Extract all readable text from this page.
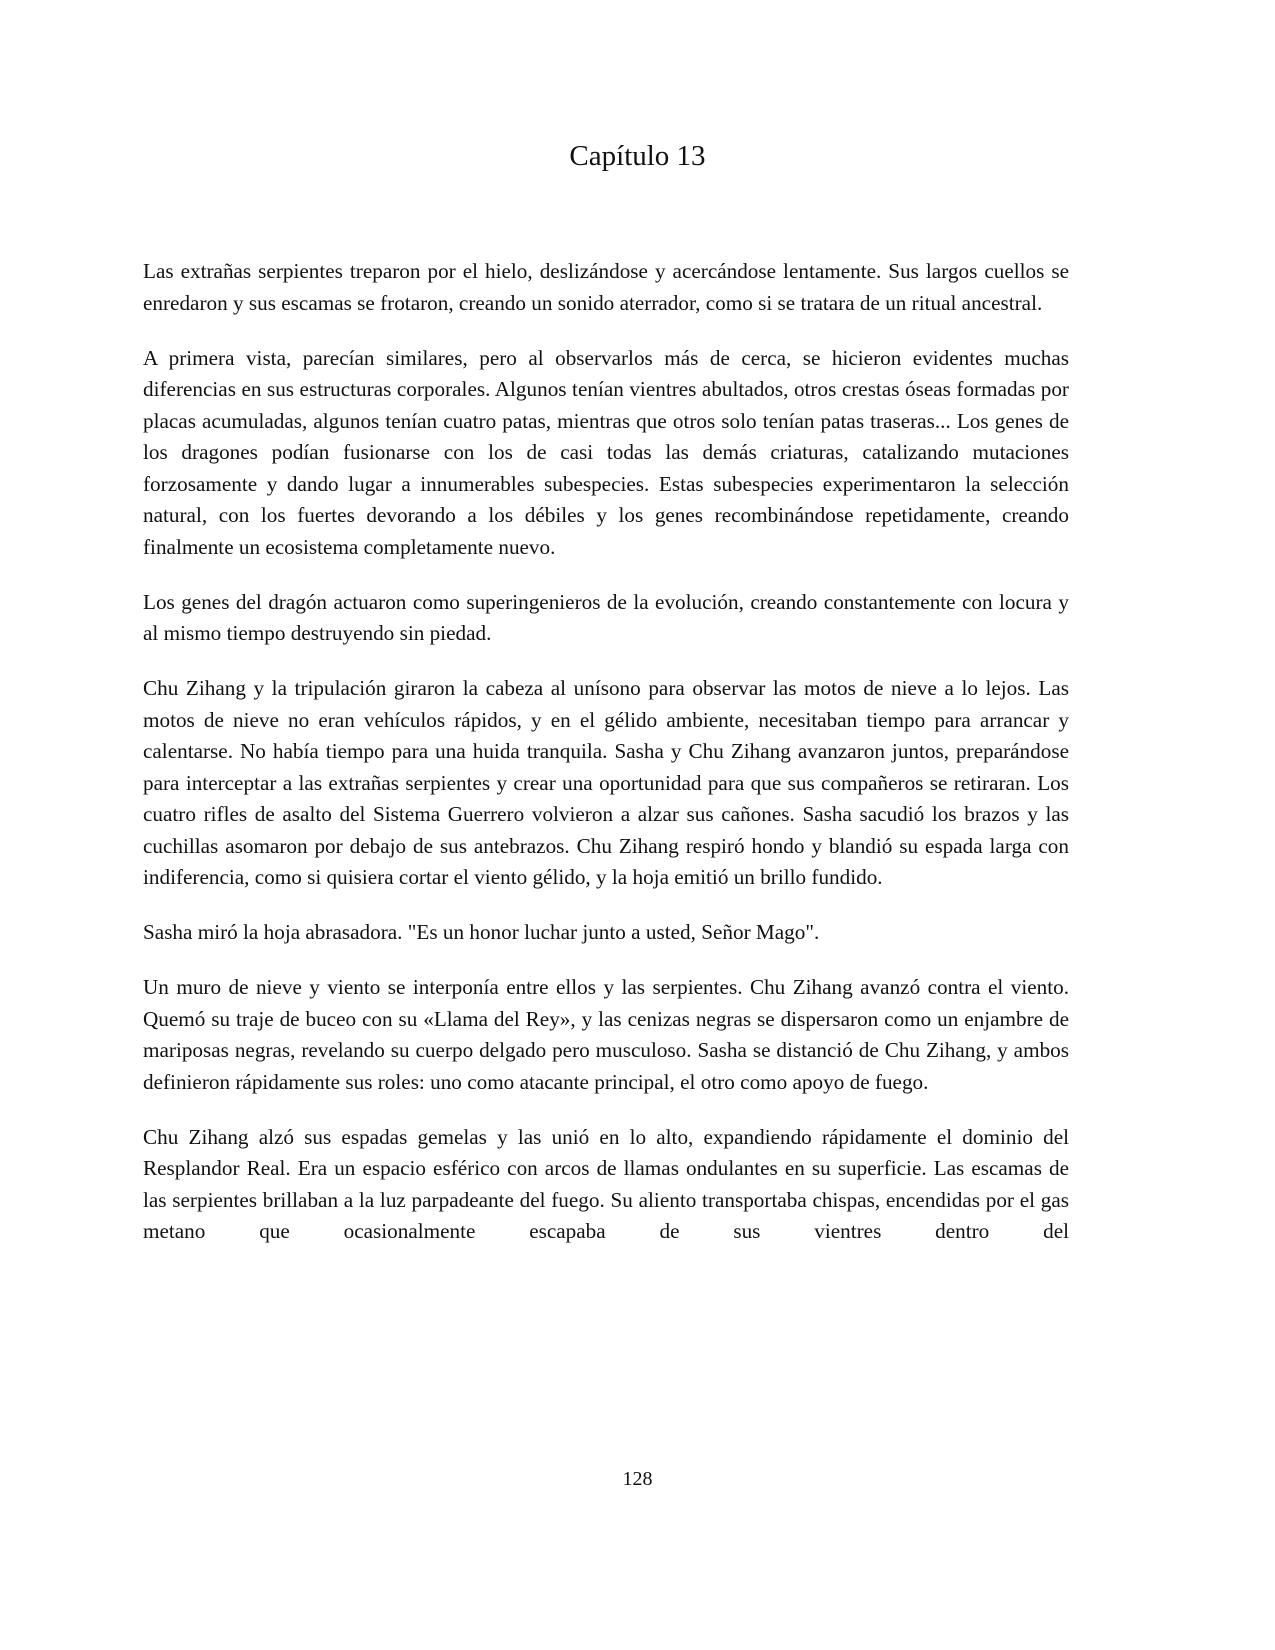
Capítulo 13

Las extrañas serpientes treparon por el hielo, deslizándose y acercándose lentamente. Sus largos cuellos se enredaron y sus escamas se frotaron, creando un sonido aterrador, como si se tratara de un ritual ancestral.

A primera vista, parecían similares, pero al observarlos más de cerca, se hicieron evidentes muchas diferencias en sus estructuras corporales. Algunos tenían vientres abultados, otros crestas óseas formadas por placas acumuladas, algunos tenían cuatro patas, mientras que otros solo tenían patas traseras... Los genes de los dragones podían fusionarse con los de casi todas las demás criaturas, catalizando mutaciones forzosamente y dando lugar a innumerables subespecies. Estas subespecies experimentaron la selección natural, con los fuertes devorando a los débiles y los genes recombinándose repetidamente, creando finalmente un ecosistema completamente nuevo.

Los genes del dragón actuaron como superingenieros de la evolución, creando constantemente con locura y al mismo tiempo destruyendo sin piedad.

Chu Zihang y la tripulación giraron la cabeza al unísono para observar las motos de nieve a lo lejos. Las motos de nieve no eran vehículos rápidos, y en el gélido ambiente, necesitaban tiempo para arrancar y calentarse. No había tiempo para una huida tranquila. Sasha y Chu Zihang avanzaron juntos, preparándose para interceptar a las extrañas serpientes y crear una oportunidad para que sus compañeros se retiraran. Los cuatro rifles de asalto del Sistema Guerrero volvieron a alzar sus cañones. Sasha sacudió los brazos y las cuchillas asomaron por debajo de sus antebrazos. Chu Zihang respiró hondo y blandió su espada larga con indiferencia, como si quisiera cortar el viento gélido, y la hoja emitió un brillo fundido.

Sasha miró la hoja abrasadora. "Es un honor luchar junto a usted, Señor Mago".

Un muro de nieve y viento se interponía entre ellos y las serpientes. Chu Zihang avanzó contra el viento. Quemó su traje de buceo con su «Llama del Rey», y las cenizas negras se dispersaron como un enjambre de mariposas negras, revelando su cuerpo delgado pero musculoso. Sasha se distanció de Chu Zihang, y ambos definieron rápidamente sus roles: uno como atacante principal, el otro como apoyo de fuego.

Chu Zihang alzó sus espadas gemelas y las unió en lo alto, expandiendo rápidamente el dominio del Resplandor Real. Era un espacio esférico con arcos de llamas ondulantes en su superficie. Las escamas de las serpientes brillaban a la luz parpadeante del fuego. Su aliento transportaba chispas, encendidas por el gas metano que ocasionalmente escapaba de sus vientres dentro del

128
